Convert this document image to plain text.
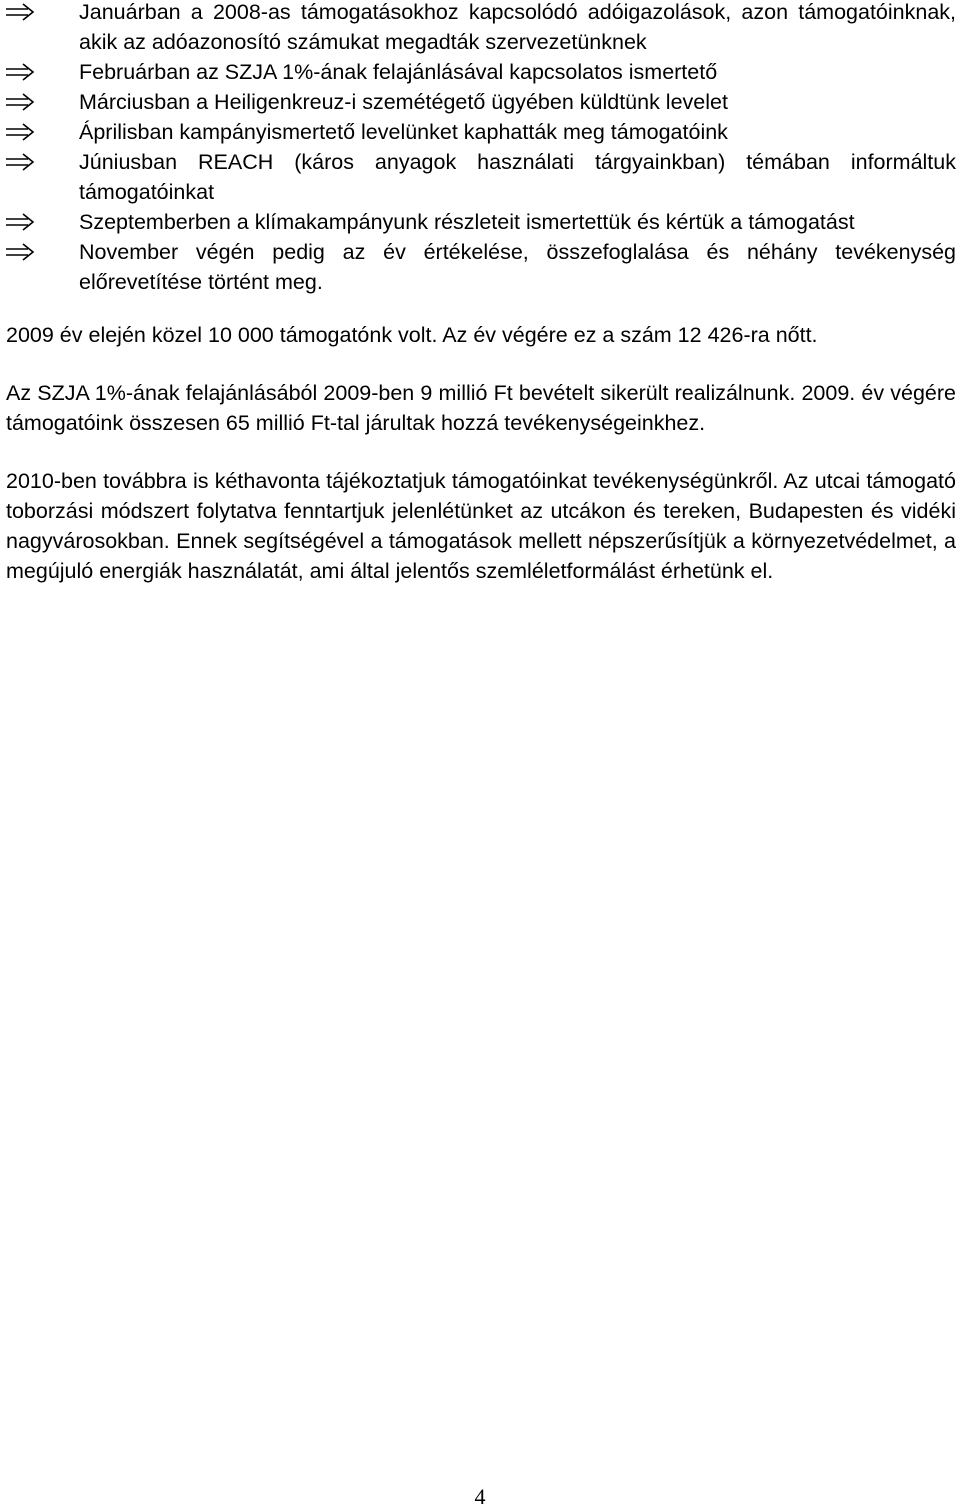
Januárban a 2008-as támogatásokhoz kapcsolódó adóigazolások, azon támogatóinknak, akik az adóazonosító számukat megadták szervezetünknek
Februárban az SZJA 1%-ának felajánlásával kapcsolatos ismertető
Márciusban a Heiligenkreuz-i szemétégető ügyében küldtünk levelet
Áprilisban kampányismertető levelünket kaphatták meg támogatóink
Júniusban REACH (káros anyagok használati tárgyainkban) témában informáltuk támogatóinkat
Szeptemberben a klímakampányunk részleteit ismertettük és kértük a támogatást
November végén pedig az év értékelése, összefoglalása és néhány tevékenység előrevetítése történt meg.

2009 év elején közel 10 000 támogatónk volt. Az év végére ez a szám 12 426-ra nőtt.

Az SZJA 1%-ának felajánlásából 2009-ben 9 millió Ft bevételt sikerült realizálnunk. 2009. év végére támogatóink összesen 65 millió Ft-tal járultak hozzá tevékenységeinkhez.

2010-ben továbbra is kéthavonta tájékoztatjuk támogatóinkat tevékenységünkről. Az utcai támogató toborzási módszert folytatva fenntartjuk jelenlétünket az utcákon és tereken, Budapesten és vidéki nagyvárosokban. Ennek segítségével a támogatások mellett népszerűsítjük a környezetvédelmet, a megújuló energiák használatát, ami által jelentős szemléletformálást érhetünk el.

4
